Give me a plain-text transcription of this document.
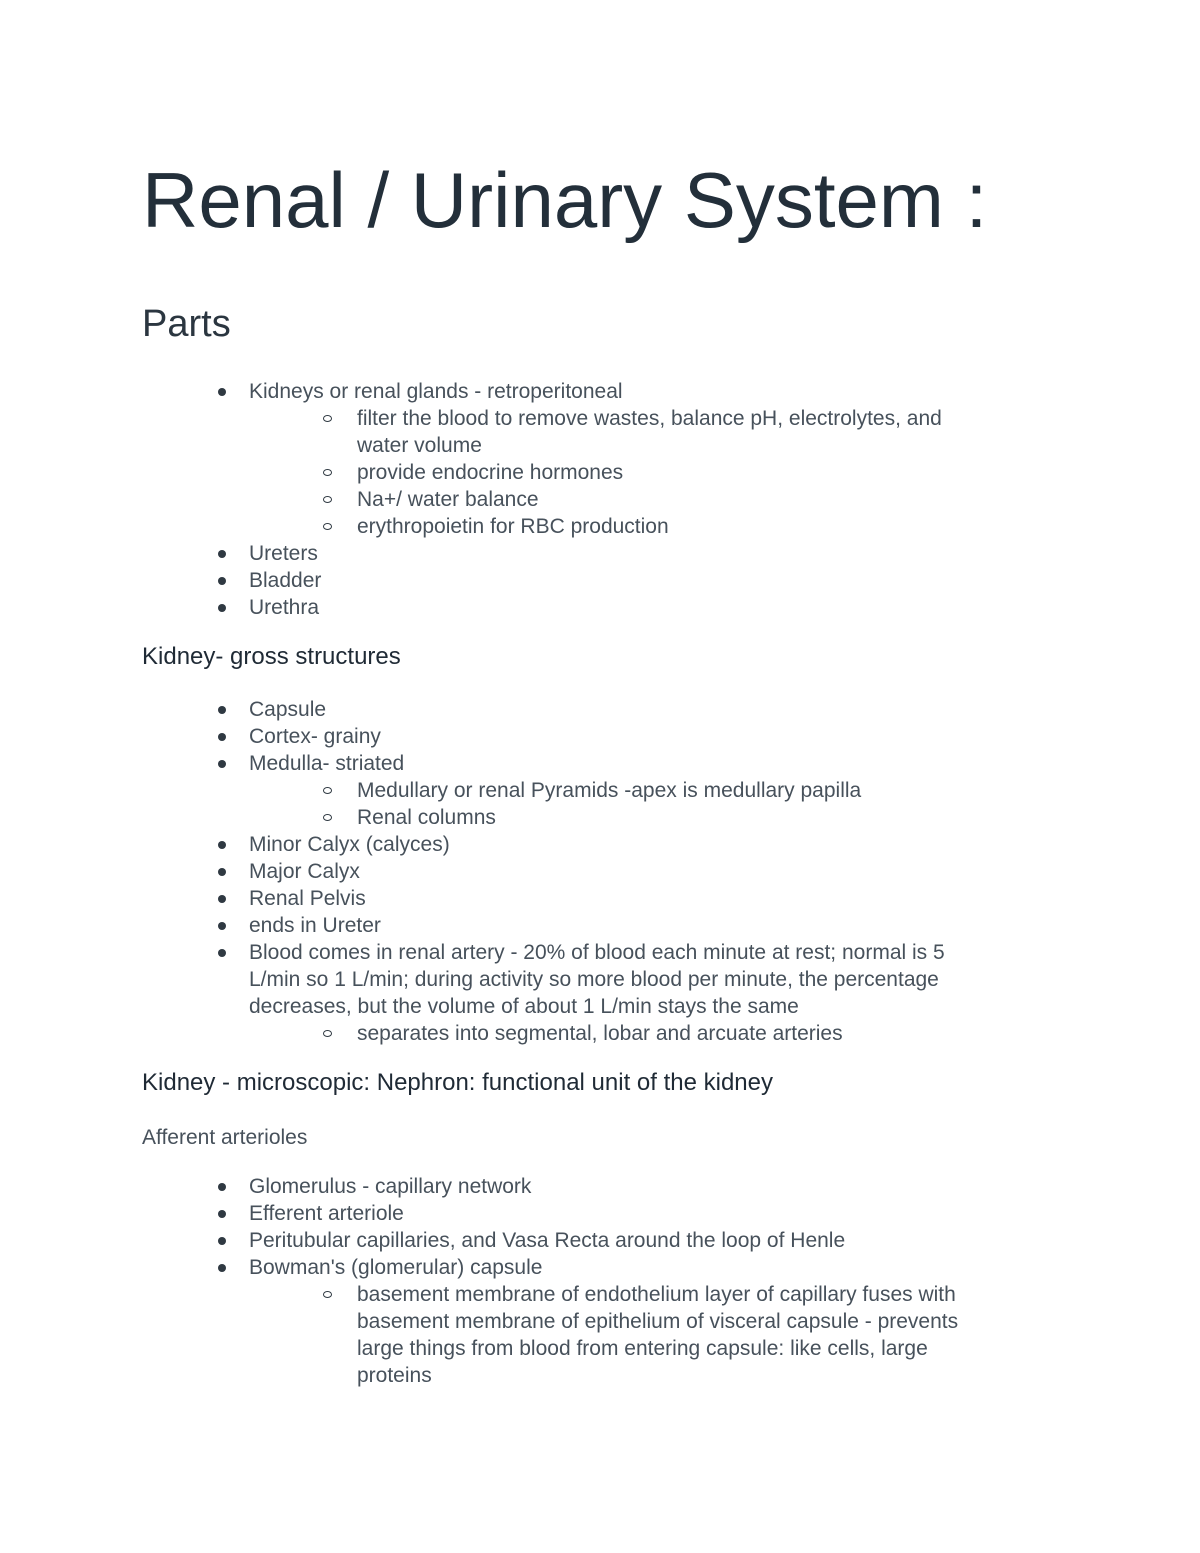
Renal / Urinary System :
Parts
Kidneys or renal glands - retroperitoneal
filter the blood to remove wastes, balance pH, electrolytes, and
water volume
provide endocrine hormones
Na+/ water balance
erythropoietin for RBC production
Ureters
Bladder
Urethra
Kidney- gross structures
Capsule
Cortex- grainy
Medulla- striated
Medullary or renal Pyramids -apex is medullary papilla
Renal columns
Minor Calyx (calyces)
Major Calyx
Renal Pelvis
ends in Ureter
Blood comes in renal artery - 20% of blood each minute at rest; normal is 5
L/min so 1 L/min; during activity so more blood per minute, the percentage
decreases, but the volume of about 1 L/min stays the same
separates into segmental, lobar and arcuate arteries
Kidney - microscopic: Nephron: functional unit of the kidney
Afferent arterioles
Glomerulus - capillary network
Efferent arteriole
Peritubular capillaries, and Vasa Recta around the loop of Henle
Bowman's (glomerular) capsule
basement membrane of endothelium layer of capillary fuses with
basement membrane of epithelium of visceral capsule - prevents
large things from blood from entering capsule: like cells, large
proteins
